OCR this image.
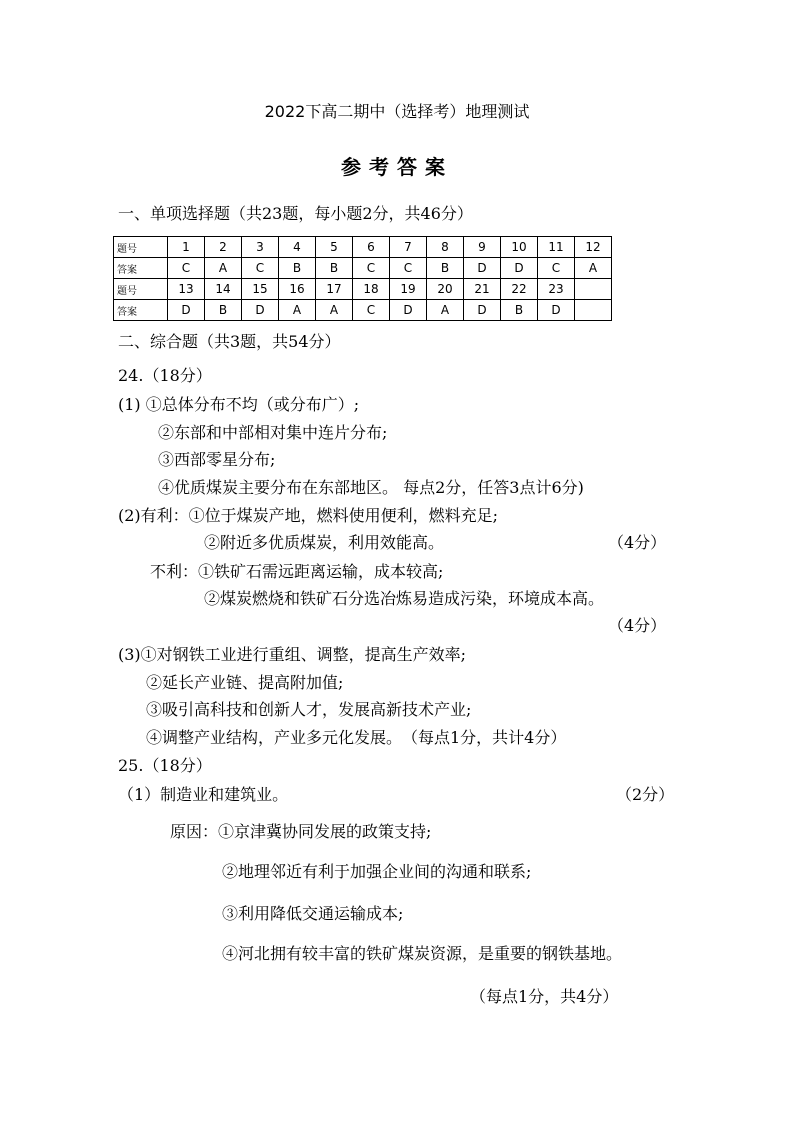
2022下高二期中（选择考）地理测试
参考答案
一、单项选择题（共23题，每小题2分，共46分）
题号	1	2	3	4	5	6	7	8	9	10	11	12
答案	C	A	C	B	B	C	C	B	D	D	C	A
题号	13	14	15	16	17	18	19	20	21	22	23	
答案	D	B	D	A	A	C	D	A	D	B	D	
二、综合题（共3题，共54分）
24.（18分）
(1) ①总体分布不均（或分布广）;
②东部和中部相对集中连片分布;
③西部零星分布;
④优质煤炭主要分布在东部地区。 每点2分，任答3点计6分)
(2)有利：①位于煤炭产地，燃料使用便利，燃料充足;
②附近多优质煤炭，利用效能高。	（4分）
不利：①铁矿石需远距离运输，成本较高;
②煤炭燃烧和铁矿石分选冶炼易造成污染，环境成本高。
（4分）
(3)①对钢铁工业进行重组、调整，提高生产效率;
②延长产业链、提高附加值;
③吸引高科技和创新人才，发展高新技术产业;
④调整产业结构，产业多元化发展。　（每点1分，共计4分）
25.（18分）
（1）制造业和建筑业。	（2分）
原因：①京津冀协同发展的政策支持;
②地理邻近有利于加强企业间的沟通和联系;
③利用降低交通运输成本;
④河北拥有较丰富的铁矿煤炭资源，是重要的钢铁基地。
（每点1分，共4分）
